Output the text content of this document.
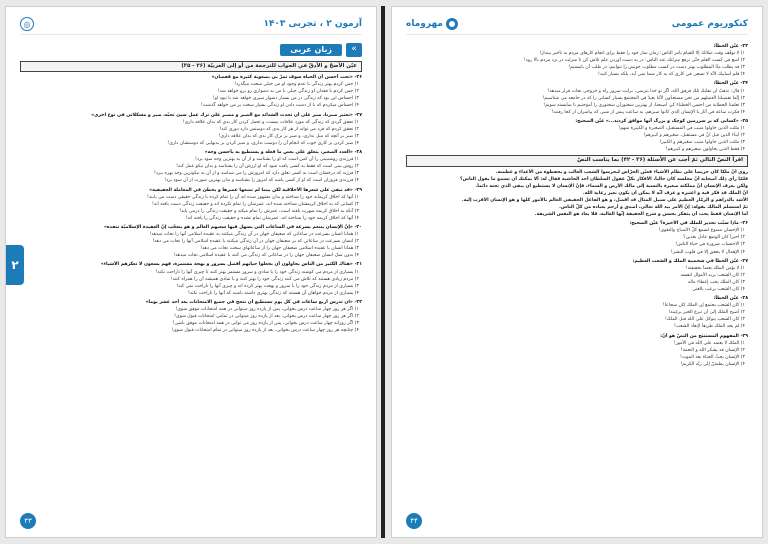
◎	آزمون ۲ ، تجربی ۱۴۰۳
۲
زبان عربی	«
عيّن الأصحّ و الأدقّ في الجواب للترجمة من أو إلى العربيّة (۲۶ - ۳۵)

۲۶- «تحت أحسن أن الحياة سوف تمرّ بي بصعوبة كثيرة مع قفصان»

۱) حس کردم بهتر زندگی با عدم وجود او من خیلی سخت میگذرد!

۲) حس کردم با فقدان او زندگی خیلی با من به دشواری رو برو خواهد شد!

۳) احساس این بود که زندگی در من بسیار دشوار سپری خواهد شد با نبود او!

۴) احساس میکردم که با از دست دادن او زندگی بسیار سخت بر من خواهد گذشت!

۲۷- «تعتبر صبرنا، صبر على أن تحدث الشدائد مع الصبر و مصبر على ترك عمل سيئ تحبّه، صبر و مشكلاتي في نوع اخرى»

۱) تحقق گردی که زندگی که مورد علاقات نیست، و تحمل کردن کار بدی که بدان علاقه داری!

۲) تحقق کردم که فرد می تواند از هر کار بدی که دوستش دارد دوری کند!

۳) صبر بر آنچه که میل نداری، و صبر بر ترک کار بدی که بدان علاقه داری!

۴) صبر کردن بر کاری خوب که انجام آن را دوست نداری، و صبر کردن بر بدیهایی که دوستشان داری!

۲۸- «العدد الصغير، يتعلّق على بعض ما فعله و يستطيع به بأحسن وجه»

۱) فرزندی روشنبینی را آن کس است که او را بشناسد و از آن به بهترین وجه سود برد!

۲) روش بینی است که فقط به کسی یافت شود که او ارزش آن را بشناسد و بدان نیکو عمل کند!

۳) فرزند که درخشان است به کسی تعلق دارد که امروزش را می شناسد و از آن به نیکوترین وجه بهره ببرد!

۴) فرزندی فروزان است که او از کسی باشد که امروز را بشناسد و بدان بهترین صورت از آن سود برد!

۲۹- «قد تبقى على شعرها الأخلاقية لكن بيننا لم تضعها عصرها و يخطئ في المعاملة الحقيقية»

۱) آنها که اخلاق کریمانه خود را شناخته و بدان مشهور شده اند آن را تمام کرده با زندگی حقیقی دست می یابند!

۲) کسانی که به اخلاق کریمشان شناخته شده اند، عمرشان را تمام نکرده اند و حقیقت زندگی دست یافته اند!

۳) آنکه به اخلاق کریمه شهرت یافته است، عمرش را تمام میکند و حقیقت زندگی را درمی یابد!

۴) آنها که اخلاق کریمه خود را شناخته اند، عمرشان تمام نشده و حقیقت زندگی را یافته اند!

۳۰- «إنّ الإنسان يتنعم بسرعة في الساعات التي يسهل فيها سعيهم العالم و هو يتعجّب إنّ العقيدة الإسلاميّة تنقذه»

۱) همانا انسان بسرعت در ساعاتی که ضعیفان جهان در آن زندگی میکنند به عقیده اسلامی آنها را نجات میدهد!

۲) انسان بسرعت در ساعاتی که بر ضعیفان جهان در آن زندگی میکنند با عقیده اسلامی آنها را نجات می دهد!

۳) همانا انسان با عقیده اسلامی ضعیفان جهان را از ساعاتهای سخت نجات می دهد!

۴) بدون شک انسان ضعیفان جهان را در ساعاتی که زندگی می کنند با عقیده اسلامی نجات میدهد!

۳۱- «هناك الكثير من الناس يحاولون أن يجعلوا حياتهم أفضل بسرور و بهجة مستمرة، فهم يسعون لا تعكّرهم الأشياء»

۱) بسیاری از مردم می کوشند زندگی خود را با شادی و سرور مستمر بهتر کنند تا چیزی آنها را ناراحت نکند!

۲) مردم زیادی هستند که تلاش می کنند زندگی خود را بهتر کنند و با شادی همیشه آن را همراه کنند!

۳) بسیاری از مردم زندگی خود را با سرور و بهجت بهتر کرده اند و چیزی آنها را ناراحت نمی کند!

۴) بسیاری از مردم خواهان آن هستند که زندگی بهتری داشته باشند که آنها را ناراحت نکند!

۳۲- «ان تدرس أربع ساعات في كل يوم تستطيع أن تنجح في جميع الامتحانات بعد أحد عشر يوماً»

۱) اگر هر روز چهار ساعت درس بخوانی، پس از یازده روز میتوانی در همه امتحانات موفق شوی!

۲) اگر هر روز چهار ساعت درس بخوانی، بعد از یازده روز میتوانی در تمامی امتحانات قبول شوی!

۳) اگر روزانه چهار ساعت درس بخوانی، پس از یازده روز می توانی در همه امتحانات موفق باشی!

۴) چنانچه هر روز چهار ساعت درس بخوانی، بعد از یازده روز میتوانی در تمام امتحانات قبول شوی!

۴۳
مهروماه	کنکوریوم عمومی

۳۳- عيّن الخطأ:

۱) لا توقّف وقت صلاتك إلّا للقيام بأمر الناس: زمان نماز خود را فقط برای انجام کارهای مردم به تأخیر بینداز!

۲) اسع في كسب العلم حتّى ترفع منزلتك عند الناس: در به دست آوردن علم تلاش کن تا منزلت در نزد مردم بالا رود!

۳) قد يطلب منّا المطلوب بهتر دست در کسب مطلوب خویش را نتوانیم، در طلب آن بایستیم!

۴) قلّم أسابيك لأنّه لا تسعى في کاری که به کار شما نمی آید، بلکه بسیار کنید!

۳۴- عيّن الخطأ:

۱) قال: تذهبُ ان بقلبك تلك فرفق الله، اگر تو خدا بترسی، برایت سرور راه و خروجی نجات قرار میدهد!

۲) إنّما تفضيلنا لأفضلهم من نحن مستعدّون لأنّنا بعيدٌ في المجتمع بسيار کسانی را که در جامعه می شناسیم!

۳) تعلّمنا الخطابة من أحسن الخطباء كي أصبحنا، از بهترین سخنوران سخنوری را آموختیم تا شایسته شویم!

۴) فكّرت ساعة في آثار يا الإنسان الذي كانوا صبرهم، به ساعت پیش از شبی که پیامبران از کجا رفتند!

۳۵- «کسانی که بر سرزمین کوچک و بزرگ آنها موافق کردند...» عيّن الصحيح:

۱) ملئت الذين حاولوا منيب في المستقبل، الصغيرة و الكبيرة منهم!

۲) أبناء الذين قيل انّ في مستقبل، صغيرهم و كبيرهم!

۳) ملئت الذين حاولوا منيب صغيرهم و الكبير!

۴) فقط الذين يحاولون صغيرهم و كبيرهم!

اقرأ النصّ التالي ثمّ أجب عن الأسئلة (۳۶ - ۴۲) بما يناسب النصّ

روى أنّ ملكاً كان حريصاً على نظام الأشياء فعيّن الحرّاس ليحرسوا الشعب الغالب و يحفظوه من الأعداء و عظمته.

فلمّا رأى ذلك أصحابه أنّ مجلسه كان خالياً، الأفكار بكلّ عقول السلطان أحد الحاشية فقال له: ألا يمكنك أن تسمع ما يقول الناس؟

ولکن يعرف الإنسان أنّ مملكته صغيرة بالنسبة إلى مالك الأرض و السماء، فإنّ الإنسان لا يستطيع أن يبقى الذي تحته دائماً.

أنّ الملك قد فكّر فيه و اعتبره و عرف أنّه لا يمكن أن يكون بغير رعاية الله.

الأشد بالدراهم و الزمّار العظيم على سبيل المثال قد أفضل، و هو الفاعل الحقيقي العالم بالأمور كلّها و هو الإنسان الأقرب إليه.

ثمّ استسلم المالك بقوله: إنّ الأمر بيد الله تعالى، أصدق و أرحم بعباده من كلّ الناس.

أما الإنسان فقط يجب أن يتفكّر بحسن و شرح الحقيقة إنّها الغالبة، فلا يعاد هو النفس الشريفة.

۳۶- ماذا سبّب تحذير للملك في الأخيرة؟ عيّن الصحيح:

۱) الإحسان ممنوع لسمع كلّ الأشباح والتقوى!

۲) أخيراً كان الوضع عادل بعدين؟

۳) الاحتساب ضرورة في حياة الناس!

۴) الإهمال لا يحقق إلّا في قلوب البشر!

۳۷- عيّن الخطأ في شخصية الملك و الشعب العظيم:

۱) لا يؤمن الملك بعضاً بحقيقته!

۲) كان الشعب يريد الأموال لنفسه

۳) كان الملك يحب إعطاء ماله

۴) كان الشعب يرغب بالغنى

۳۸- عيّن الخطأ:

۱) كان الشعب يجتمع إن الملك كان شجاعاً!

۲) أصبح الملك إلى أن تبرع الخير برغبته!

۳) كان الشعب يتوكّل على الله قبل الملك!

۴) لم يجد الملك طريقاً لإنقاذ الشعب!

۳۹- المفهوم المستنتج من النصّ هو أنّ:

۱) الملك لا يعتمد على الله في الأمور!

۲) الإنسان قد يشكر الله و النعمة!

۳) الإنسان يحبّ الحياة بعد الموت!

۴) الإنسان يطمئنّ إلى ربّه الكريم!

۴۴
